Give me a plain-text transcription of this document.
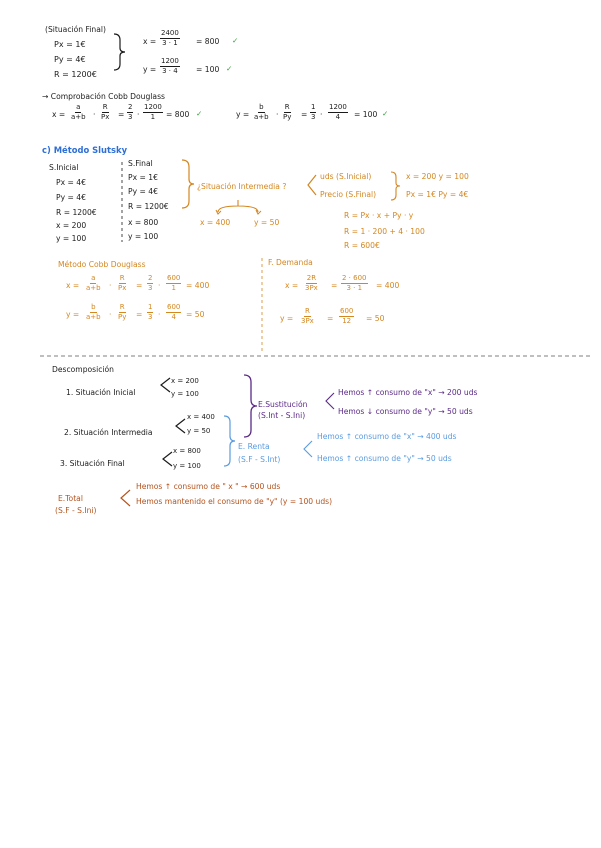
(Situación Final)
Px = 1€
Py = 4€
R = 1200€
$x = \frac{2400}{3 \cdot 1} = 800$ ✓
$y = \frac{1200}{3 \cdot 4} = 100$ ✓
→ Comprobación Cobb Douglass
$x = \frac{a}{a+b} \cdot \frac{R}{Px} = \frac{2}{3} \cdot \frac{1200}{1} = 800$ ✓	$y = \frac{b}{a+b} \cdot \frac{R}{Py} = \frac{1}{3} \cdot \frac{1200}{4} = 100$ ✓
c) Método Slutsky
S.Inicial
Px = 4€
Py = 4€
R = 1200€
x = 200
y = 100
S.Final
Px = 1€
Py = 4€
R = 1200€
x = 800
y = 100
¿Situación Intermedia ?
uds (S.Inicial)
Precio (S.Final)
x = 200 y = 100
Px = 1€ Py = 4€
x = 400	y = 50
R = Px · x + Py · y
R = 1 · 200 + 4 · 100
R = 600€
Método Cobb Douglass
$x = \frac{a}{a+b} \cdot \frac{R}{Px} = \frac{2}{3} \cdot \frac{600}{1} = 400$
$y = \frac{b}{a+b} \cdot \frac{R}{Py} = \frac{1}{3} \cdot \frac{600}{4} = 50$
F. Demanda
$x = \frac{2R}{3Px} = \frac{2 \cdot 600}{3 \cdot 1} = 400$
$y = \frac{R}{3Px} = \frac{600}{12} = 50$
Descomposición
1. Situación Inicial
x = 200
y = 100
2. Situación Intermedia
x = 400
y = 50
3. Situación Final
x = 800
y = 100
E.Sustitución
(S.Int - S.Ini)
Hemos ↑ consumo de "x" → 200 uds
Hemos ↓ consumo de "y" → 50 uds
E. Renta
(S.F - S.Int)
Hemos ↑ consumo de "x" → 400 uds
Hemos ↑ consumo de "y" → 50 uds
E.Total
(S.F - S.Ini)
Hemos ↑ consumo de " x " → 600 uds
Hemos mantenido el consumo de "y" (y = 100 uds)
